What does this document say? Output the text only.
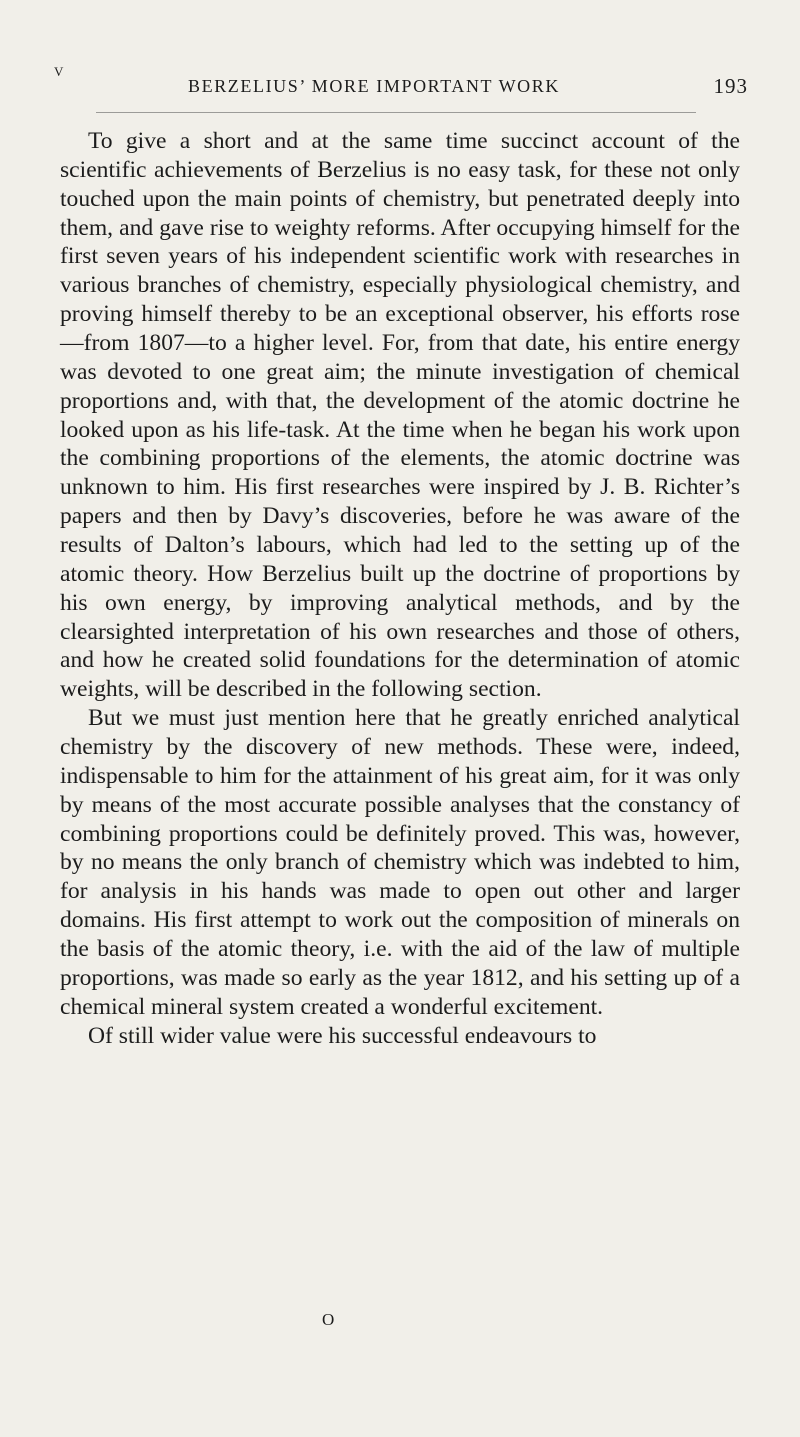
V
BERZELIUS’ MORE IMPORTANT WORK	193

To give a short and at the same time succinct account of the scientific achievements of Berzelius is no easy task, for these not only touched upon the main points of chemistry, but penetrated deeply into them, and gave rise to weighty reforms. After occupying himself for the first seven years of his independent scientific work with researches in various branches of chemistry, especially physiological chemistry, and proving himself thereby to be an exceptional observer, his efforts rose—from 1807—to a higher level. For, from that date, his entire energy was devoted to one great aim; the minute investigation of chemical proportions and, with that, the development of the atomic doctrine he looked upon as his life-task. At the time when he began his work upon the combining proportions of the elements, the atomic doctrine was unknown to him. His first researches were inspired by J. B. Richter’s papers and then by Davy’s discoveries, before he was aware of the results of Dalton’s labours, which had led to the setting up of the atomic theory. How Berzelius built up the doctrine of proportions by his own energy, by improving analytical methods, and by the clearsighted interpretation of his own researches and those of others, and how he created solid foundations for the determination of atomic weights, will be described in the following section.

But we must just mention here that he greatly enriched analytical chemistry by the discovery of new methods. These were, indeed, indispensable to him for the attainment of his great aim, for it was only by means of the most accurate possible analyses that the constancy of combining proportions could be definitely proved. This was, however, by no means the only branch of chemistry which was indebted to him, for analysis in his hands was made to open out other and larger domains. His first attempt to work out the composition of minerals on the basis of the atomic theory, i.e. with the aid of the law of multiple proportions, was made so early as the year 1812, and his setting up of a chemical mineral system created a wonderful excitement.

Of still wider value were his successful endeavours to

O
